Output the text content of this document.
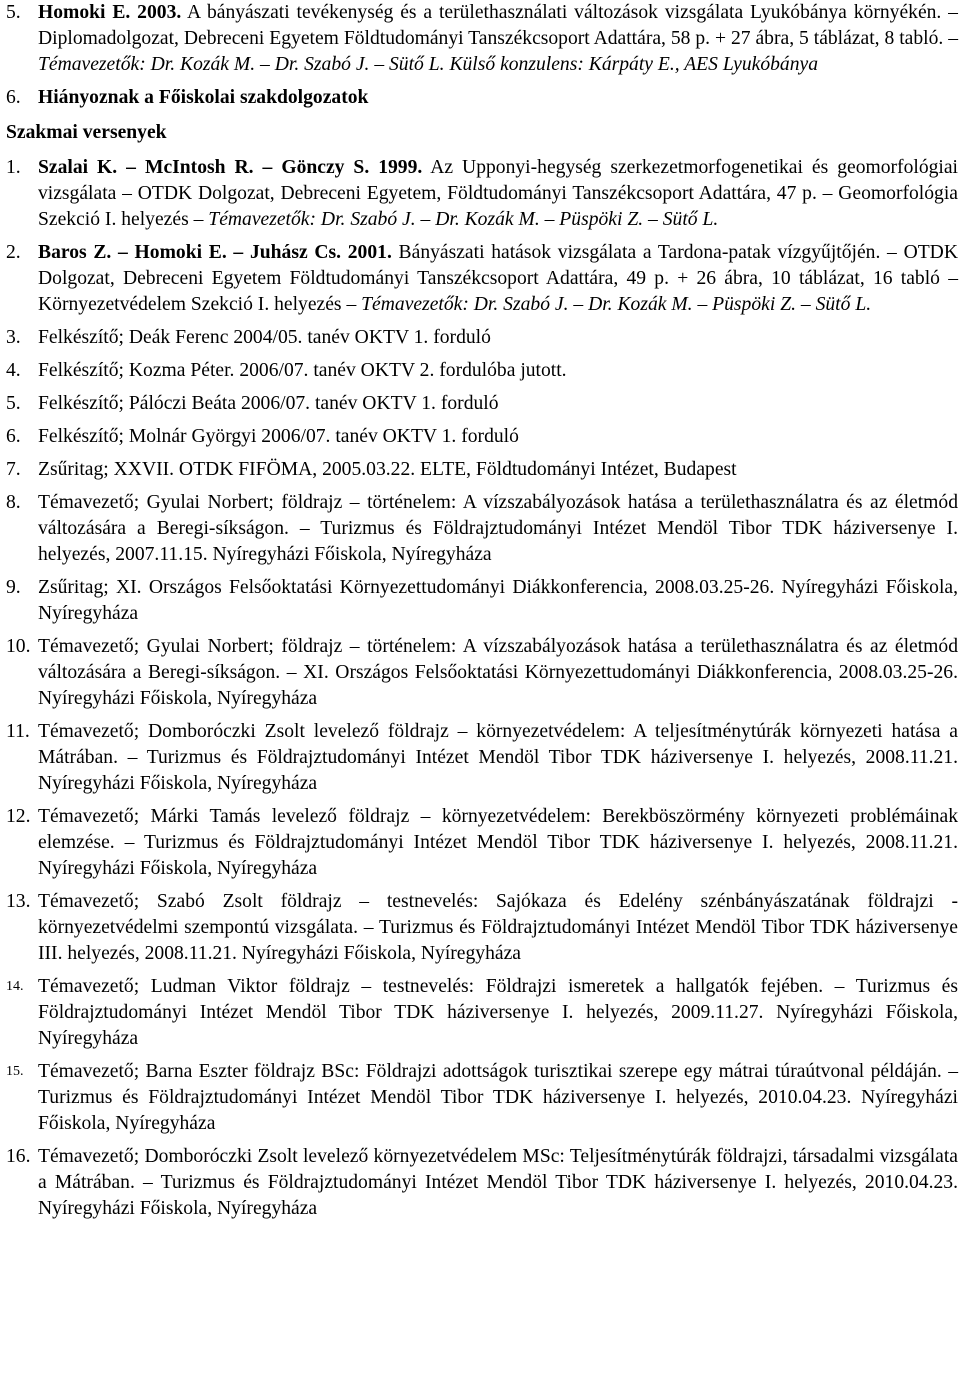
5. Homoki E. 2003. A bányászati tevékenység és a területhasználati változások vizsgálata Lyukóbánya környékén. – Diplomadolgozat, Debreceni Egyetem Földtudományi Tanszékcsoport Adattára, 58 p. + 27 ábra, 5 táblázat, 8 tabló. – Témavezetők: Dr. Kozák M. – Dr. Szabó J. – Sütő L. Külső konzulens: Kárpáty E., AES Lyukóbánya
6. Hiányoznak a Főiskolai szakdolgozatok
Szakmai versenyek
1. Szalai K. – McIntosh R. – Gönczy S. 1999. Az Upponyi-hegység szerkezetmorfogenetikai és geomorfológiai vizsgálata – OTDK Dolgozat, Debreceni Egyetem, Földtudományi Tanszékcsoport Adattára, 47 p. – Geomorfológia Szekció I. helyezés – Témavezetők: Dr. Szabó J. – Dr. Kozák M. – Püspöki Z. – Sütő L.
2. Baros Z. – Homoki E. – Juhász Cs. 2001. Bányászati hatások vizsgálata a Tardona-patak vízgyűjtőjén. – OTDK Dolgozat, Debreceni Egyetem Földtudományi Tanszékcsoport Adattára, 49 p. + 26 ábra, 10 táblázat, 16 tabló – Környezetvédelem Szekció I. helyezés – Témavezetők: Dr. Szabó J. – Dr. Kozák M. – Püspöki Z. – Sütő L.
3. Felkészítő; Deák Ferenc 2004/05. tanév OKTV 1. forduló
4. Felkészítő; Kozma Péter. 2006/07. tanév OKTV 2. fordulóba jutott.
5. Felkészítő; Pálóczi Beáta 2006/07. tanév OKTV 1. forduló
6. Felkészítő; Molnár Györgyi 2006/07. tanév OKTV 1. forduló
7. Zsűritag; XXVII. OTDK FIFÖMA, 2005.03.22. ELTE, Földtudományi Intézet, Budapest
8. Témavezető; Gyulai Norbert; földrajz – történelem: A vízszabályozások hatása a területhasználatra és az életmód változására a Beregi-síkságon. – Turizmus és Földrajztudományi Intézet Mendöl Tibor TDK háziversenye I. helyezés, 2007.11.15. Nyíregyházi Főiskola, Nyíregyháza
9. Zsűritag; XI. Országos Felsőoktatási Környezettudományi Diákkonferencia, 2008.03.25-26. Nyíregyházi Főiskola, Nyíregyháza
10. Témavezető; Gyulai Norbert; földrajz – történelem: A vízszabályozások hatása a területhasználatra és az életmód változására a Beregi-síkságon. – XI. Országos Felsőoktatási Környezettudományi Diákkonferencia, 2008.03.25-26. Nyíregyházi Főiskola, Nyíregyháza
11. Témavezető; Domboróczki Zsolt levelező földrajz – környezetvédelem: A teljesítménytúrák környezeti hatása a Mátrában. – Turizmus és Földrajztudományi Intézet Mendöl Tibor TDK háziversenye I. helyezés, 2008.11.21. Nyíregyházi Főiskola, Nyíregyháza
12. Témavezető; Márki Tamás levelező földrajz – környezetvédelem: Berekböszörmény környezeti problémáinak elemzése. – Turizmus és Földrajztudományi Intézet Mendöl Tibor TDK háziversenye I. helyezés, 2008.11.21. Nyíregyházi Főiskola, Nyíregyháza
13. Témavezető; Szabó Zsolt földrajz – testnevelés: Sajókaza és Edelény szénbányászatának földrajzi - környezetvédelmi szempontú vizsgálata. – Turizmus és Földrajztudományi Intézet Mendöl Tibor TDK háziversenye III. helyezés, 2008.11.21. Nyíregyházi Főiskola, Nyíregyháza
14. Témavezető; Ludman Viktor földrajz – testnevelés: Földrajzi ismeretek a hallgatók fejében. – Turizmus és Földrajztudományi Intézet Mendöl Tibor TDK háziversenye I. helyezés, 2009.11.27. Nyíregyházi Főiskola, Nyíregyháza
15. Témavezető; Barna Eszter földrajz BSc: Földrajzi adottságok turisztikai szerepe egy mátrai túraútvonal példáján. – Turizmus és Földrajztudományi Intézet Mendöl Tibor TDK háziversenye I. helyezés, 2010.04.23. Nyíregyházi Főiskola, Nyíregyháza
16. Témavezető; Domboróczki Zsolt levelező környezetvédelem MSc: Teljesítménytúrák földrajzi, társadalmi vizsgálata a Mátrában. – Turizmus és Földrajztudományi Intézet Mendöl Tibor TDK háziversenye I. helyezés, 2010.04.23. Nyíregyházi Főiskola, Nyíregyháza
